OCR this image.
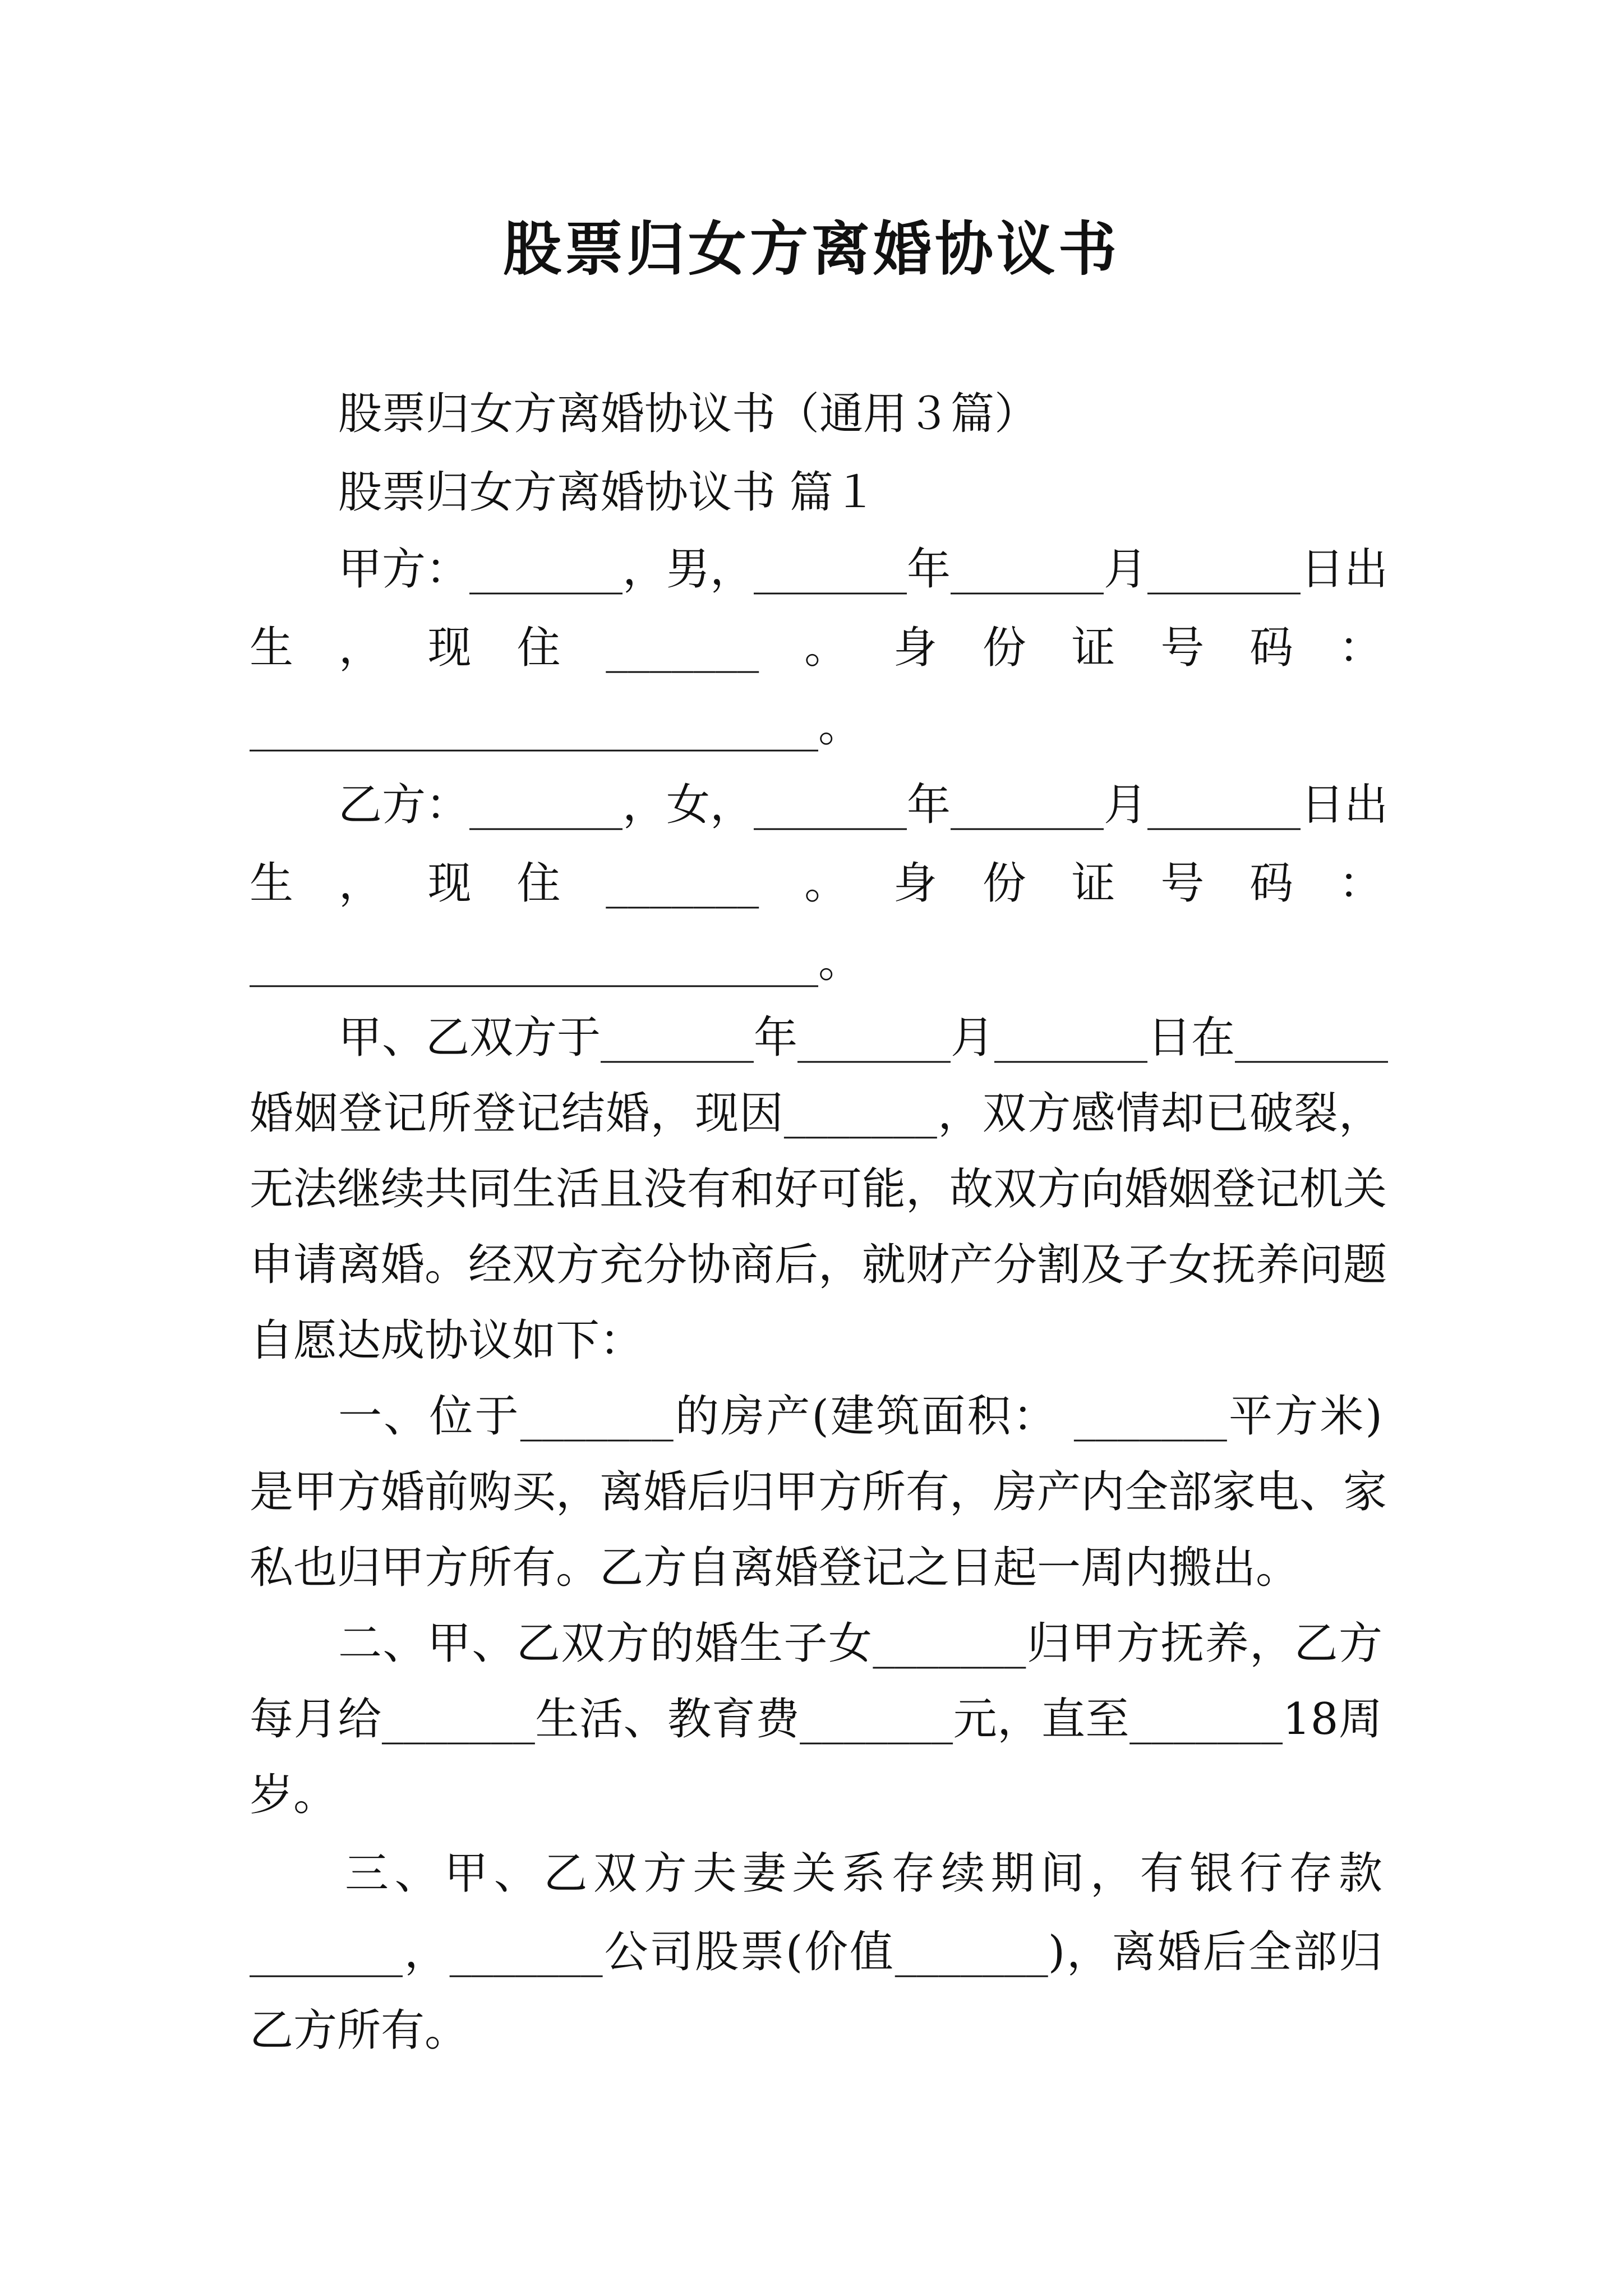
股票归女方离婚协议书
股票归女方离婚协议书（通用３篇）
股票归女方离婚协议书 篇１
甲方：_______，男，_______年_______月_______日出
生，现住_______。身份证号码：
__________________________。
乙方：_______，女，_______年_______月_______日出
生，现住_______。身份证号码：
__________________________。
甲、乙双方于_______年_______月_______日在_______
婚姻登记所登记结婚，现因_______，双方感情却已破裂，
无法继续共同生活且没有和好可能，故双方向婚姻登记机关
申请离婚。经双方充分协商后，就财产分割及子女抚养问题
自愿达成协议如下：
一、位于_______的房产(建筑面积： _______平方米)
是甲方婚前购买，离婚后归甲方所有，房产内全部家电、家
私也归甲方所有。乙方自离婚登记之日起一周内搬出。
二、甲、乙双方的婚生子女_______归甲方抚养，乙方
每月给_______生活、教育费_______元，直至_______18周
岁。
三、甲、乙双方夫妻关系存续期间，有银行存款
_______，_______公司股票(价值_______)，离婚后全部归
乙方所有。
